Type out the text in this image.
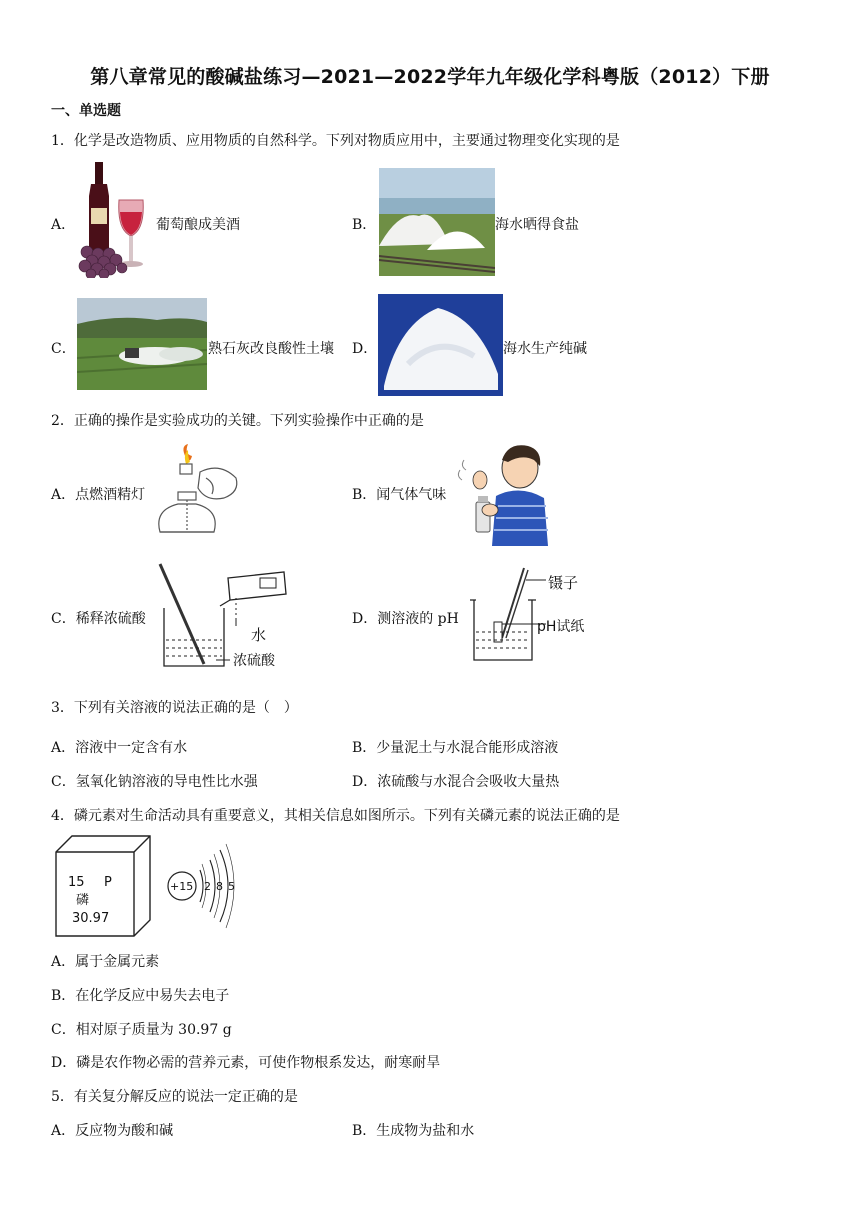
第八章常见的酸碱盐练习—2021—2022学年九年级化学科粤版（2012）下册
一、单选题
1．化学是改造物质、应用物质的自然科学。下列对物质应用中，主要通过物理变化实现的是
A．	葡萄酿成美酒	B．	海水晒得食盐
C．	熟石灰改良酸性土壤 D．	海水生产纯碱
2．正确的操作是实验成功的关键。下列实验操作中正确的是
A．点燃酒精灯	B．闻气体气味
C．稀释浓硫酸
水
浓硫酸
D．测溶液的 pH
镊子
pH试纸
3．下列有关溶液的说法正确的是（　）
A．溶液中一定含有水	B．少量泥土与水混合能形成溶液
C．氢氧化钠溶液的导电性比水强	D．浓硫酸与水混合会吸收大量热
4．磷元素对生命活动具有重要意义，其相关信息如图所示。下列有关磷元素的说法正确的是
15 P
磷
30.97
+15 2 8 5
A．属于金属元素
B．在化学反应中易失去电子
C．相对原子质量为 30.97 g
D．磷是农作物必需的营养元素，可使作物根系发达，耐寒耐旱
5．有关复分解反应的说法一定正确的是
A．反应物为酸和碱	B．生成物为盐和水
